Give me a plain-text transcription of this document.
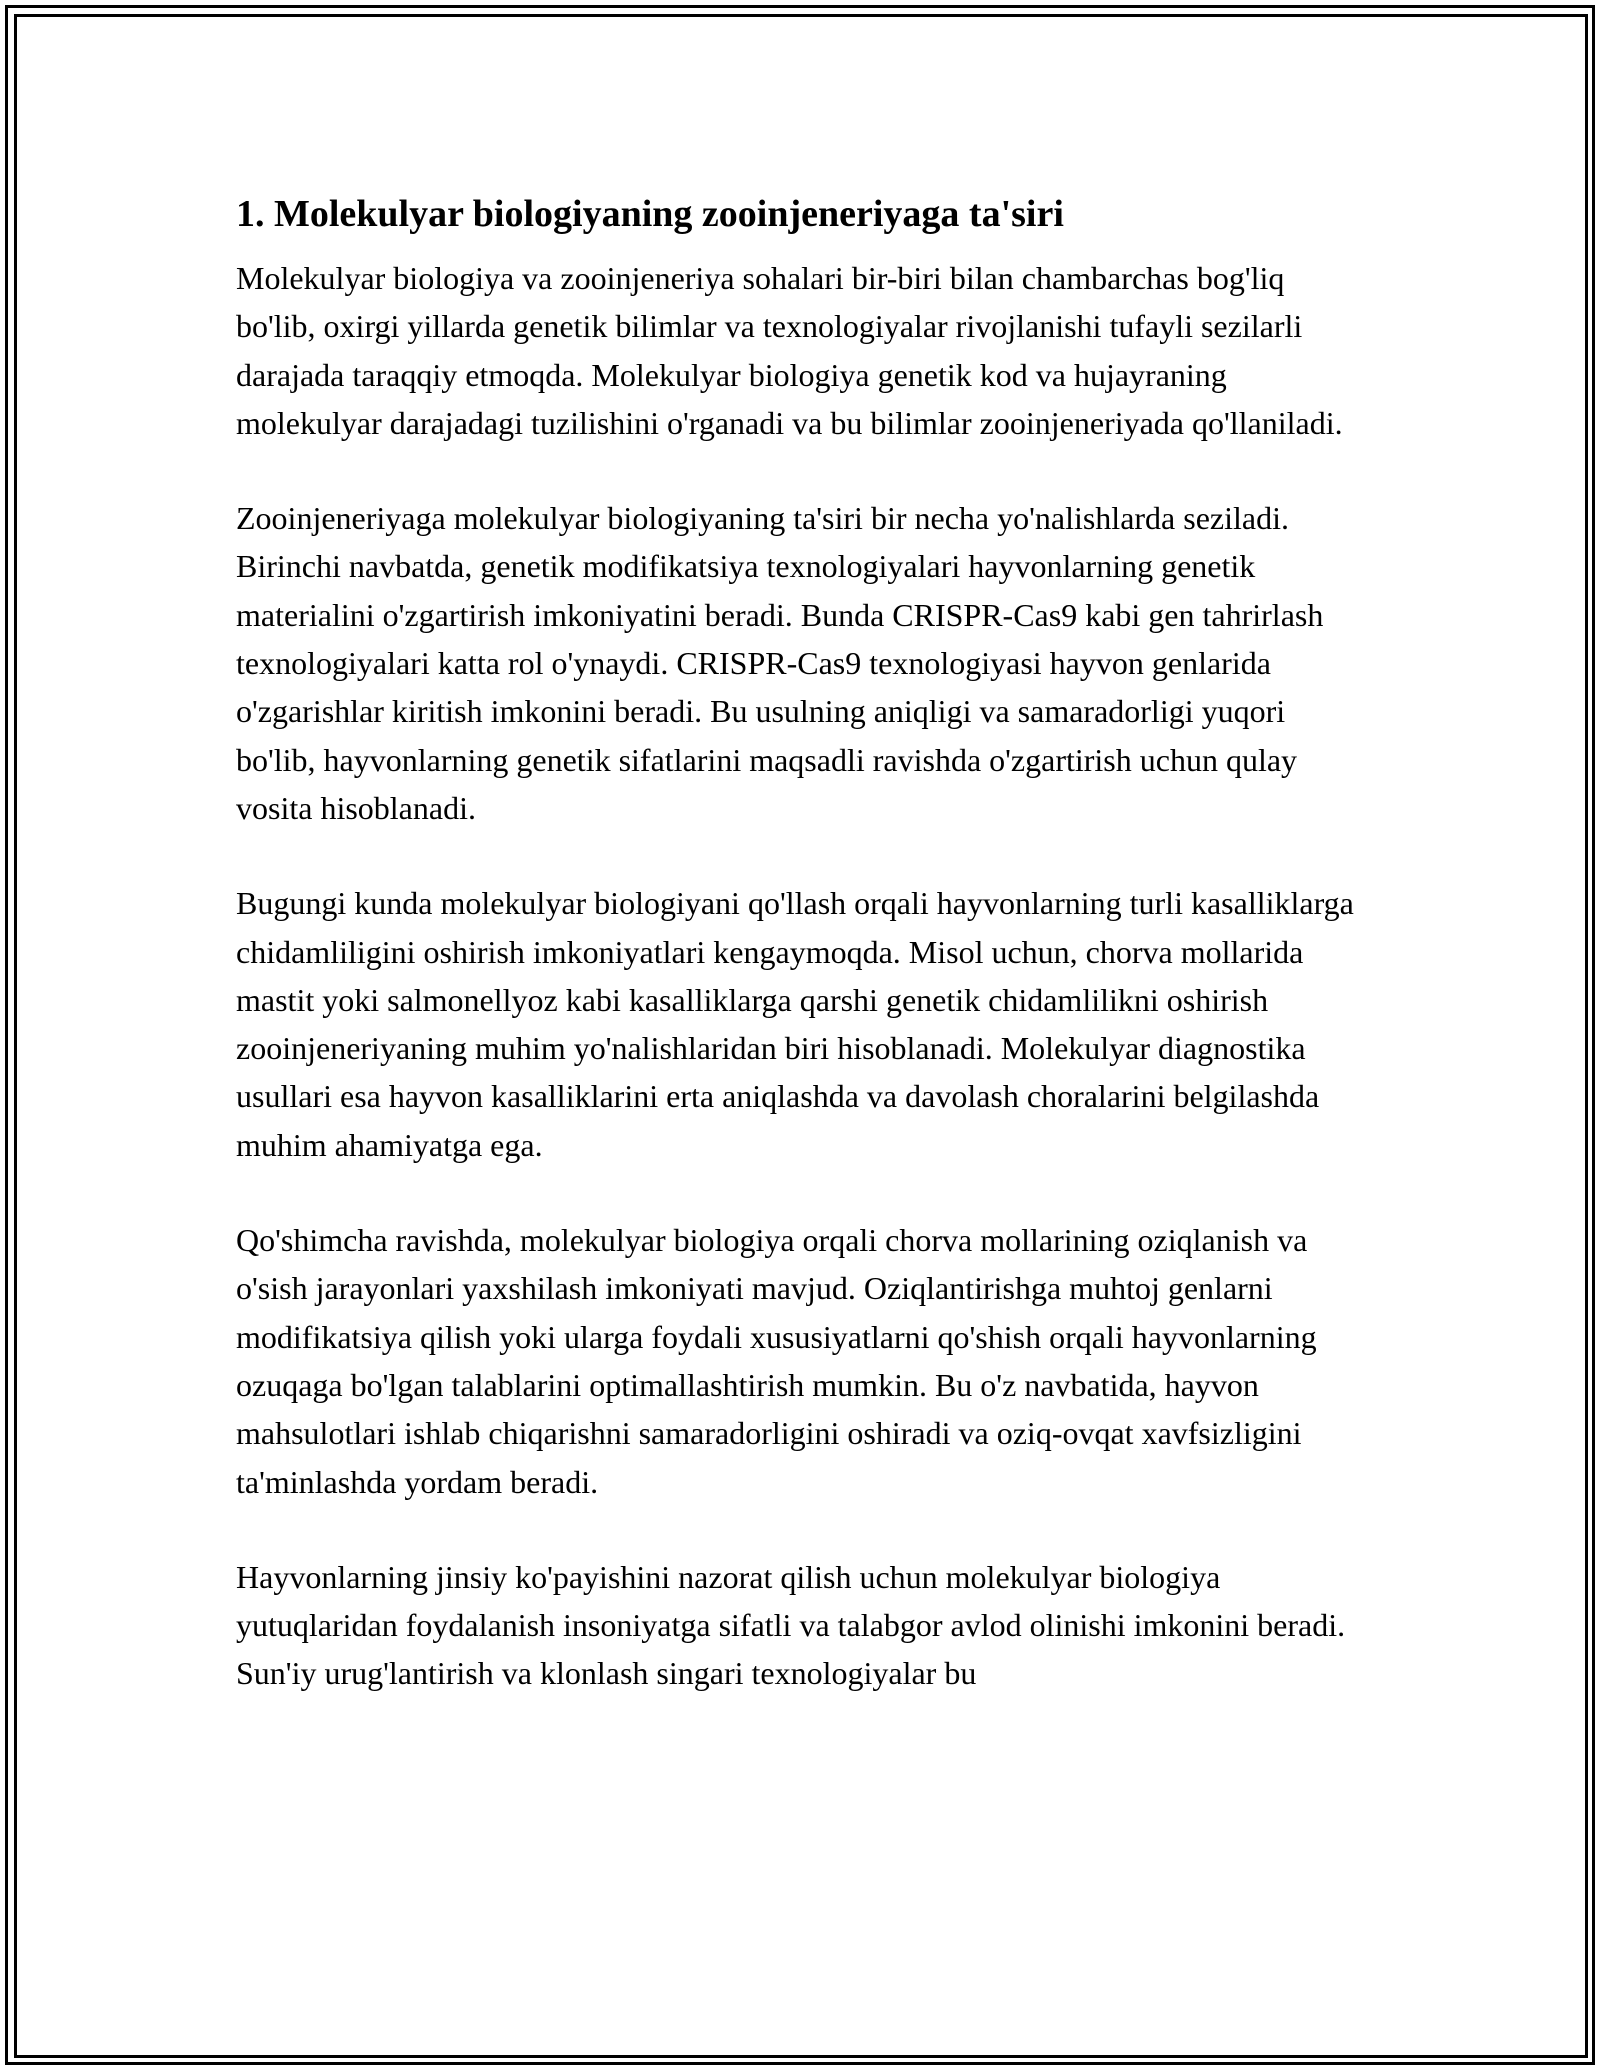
1. Molekulyar biologiyaning zooinjeneriyaga ta'siri

Molekulyar biologiya va zooinjeneriya sohalari bir-biri bilan chambarchas bog'liq bo'lib, oxirgi yillarda genetik bilimlar va texnologiyalar rivojlanishi tufayli sezilarli darajada taraqqiy etmoqda. Molekulyar biologiya genetik kod va hujayraning molekulyar darajadagi tuzilishini o'rganadi va bu bilimlar zooinjeneriyada qo'llaniladi.

Zooinjeneriyaga molekulyar biologiyaning ta'siri bir necha yo'nalishlarda seziladi. Birinchi navbatda, genetik modifikatsiya texnologiyalari hayvonlarning genetik materialini o'zgartirish imkoniyatini beradi. Bunda CRISPR-Cas9 kabi gen tahrirlash texnologiyalari katta rol o'ynaydi. CRISPR-Cas9 texnologiyasi hayvon genlarida o'zgarishlar kiritish imkonini beradi. Bu usulning aniqligi va samaradorligi yuqori bo'lib, hayvonlarning genetik sifatlarini maqsadli ravishda o'zgartirish uchun qulay vosita hisoblanadi.

Bugungi kunda molekulyar biologiyani qo'llash orqali hayvonlarning turli kasalliklarga chidamliligini oshirish imkoniyatlari kengaymoqda. Misol uchun, chorva mollarida mastit yoki salmonellyoz kabi kasalliklarga qarshi genetik chidamlilikni oshirish zooinjeneriyaning muhim yo'nalishlaridan biri hisoblanadi. Molekulyar diagnostika usullari esa hayvon kasalliklarini erta aniqlashda va davolash choralarini belgilashda muhim ahamiyatga ega.

Qo'shimcha ravishda, molekulyar biologiya orqali chorva mollarining oziqlanish va o'sish jarayonlari yaxshilash imkoniyati mavjud. Oziqlantirishga muhtoj genlarni modifikatsiya qilish yoki ularga foydali xususiyatlarni qo'shish orqali hayvonlarning ozuqaga bo'lgan talablarini optimallashtirish mumkin. Bu o'z navbatida, hayvon mahsulotlari ishlab chiqarishni samaradorligini oshiradi va oziq-ovqat xavfsizligini ta'minlashda yordam beradi.

Hayvonlarning jinsiy ko'payishini nazorat qilish uchun molekulyar biologiya yutuqlaridan foydalanish insoniyatga sifatli va talabgor avlod olinishi imkonini beradi. Sun'iy urug'lantirish va klonlash singari texnologiyalar bu
